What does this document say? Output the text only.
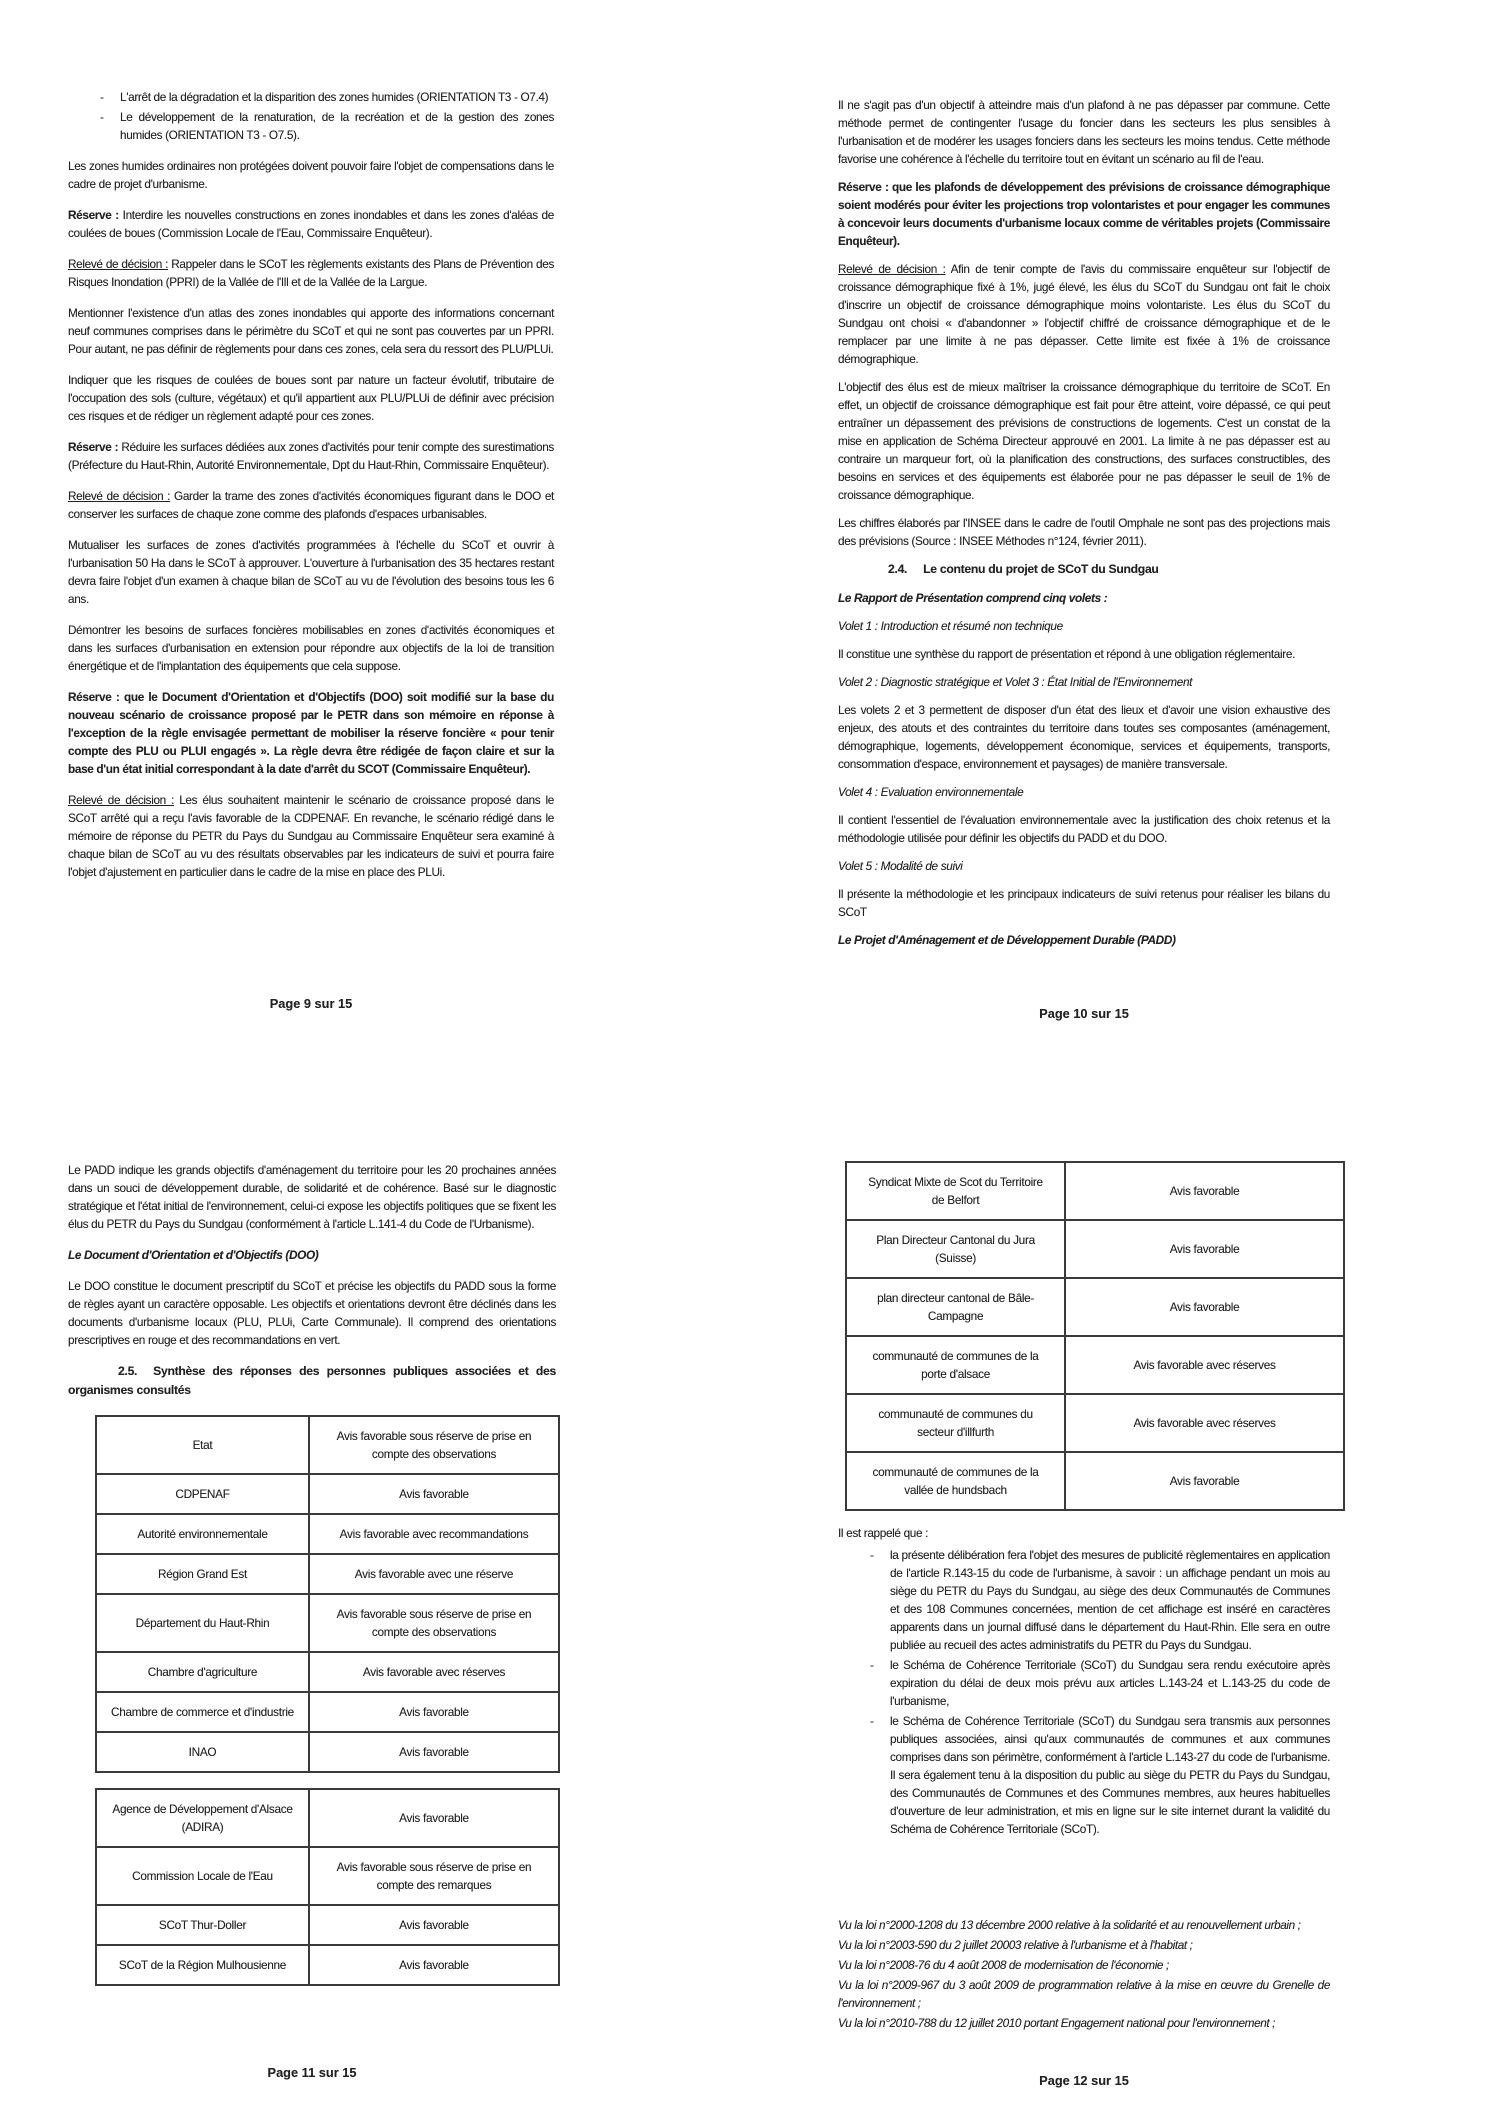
-	L'arrêt de la dégradation et la disparition des zones humides (ORIENTATION T3 - O7.4)
-	Le développement de la renaturation, de la recréation et de la gestion des zones humides (ORIENTATION T3 - O7.5).
Les zones humides ordinaires non protégées doivent pouvoir faire l'objet de compensations dans le cadre de projet d'urbanisme.
Réserve : Interdire les nouvelles constructions en zones inondables et dans les zones d'aléas de coulées de boues (Commission Locale de l'Eau, Commissaire Enquêteur).
Relevé de décision : Rappeler dans le SCoT les règlements existants des Plans de Prévention des Risques Inondation (PPRI) de la Vallée de l'Ill et de la Vallée de la Largue.
Mentionner l'existence d'un atlas des zones inondables qui apporte des informations concernant neuf communes comprises dans le périmètre du SCoT et qui ne sont pas couvertes par un PPRI. Pour autant, ne pas définir de règlements pour dans ces zones, cela sera du ressort des PLU/PLUi.
Indiquer que les risques de coulées de boues sont par nature un facteur évolutif, tributaire de l'occupation des sols (culture, végétaux) et qu'il appartient aux PLU/PLUi de définir avec précision ces risques et de rédiger un règlement adapté pour ces zones.
Réserve : Réduire les surfaces dédiées aux zones d'activités pour tenir compte des surestimations (Préfecture du Haut-Rhin, Autorité Environnementale, Dpt du Haut-Rhin, Commissaire Enquêteur).
Relevé de décision : Garder la trame des zones d'activités économiques figurant dans le DOO et conserver les surfaces de chaque zone comme des plafonds d'espaces urbanisables.
Mutualiser les surfaces de zones d'activités programmées à l'échelle du SCoT et ouvrir à l'urbanisation 50 Ha dans le SCoT à approuver. L'ouverture à l'urbanisation des 35 hectares restant devra faire l'objet d'un examen à chaque bilan de SCoT au vu de l'évolution des besoins tous les 6 ans.
Démontrer les besoins de surfaces foncières mobilisables en zones d'activités économiques et dans les surfaces d'urbanisation en extension pour répondre aux objectifs de la loi de transition énergétique et de l'implantation des équipements que cela suppose.
Réserve : que le Document d'Orientation et d'Objectifs (DOO) soit modifié sur la base du nouveau scénario de croissance proposé par le PETR dans son mémoire en réponse à l'exception de la règle envisagée permettant de mobiliser la réserve foncière « pour tenir compte des PLU ou PLUI engagés ». La règle devra être rédigée de façon claire et sur la base d'un état initial correspondant à la date d'arrêt du SCOT (Commissaire Enquêteur).
Relevé de décision : Les élus souhaitent maintenir le scénario de croissance proposé dans le SCoT arrêté qui a reçu l'avis favorable de la CDPENAF. En revanche, le scénario rédigé dans le mémoire de réponse du PETR du Pays du Sundgau au Commissaire Enquêteur sera examiné à chaque bilan de SCoT au vu des résultats observables par les indicateurs de suivi et pourra faire l'objet d'ajustement en particulier dans le cadre de la mise en place des PLUi.
Page 9 sur 15
Il ne s'agit pas d'un objectif à atteindre mais d'un plafond à ne pas dépasser par commune. Cette méthode permet de contingenter l'usage du foncier dans les secteurs les plus sensibles à l'urbanisation et de modérer les usages fonciers dans les secteurs les moins tendus. Cette méthode favorise une cohérence à l'échelle du territoire tout en évitant un scénario au fil de l'eau.
Réserve : que les plafonds de développement des prévisions de croissance démographique soient modérés pour éviter les projections trop volontaristes et pour engager les communes à concevoir leurs documents d'urbanisme locaux comme de véritables projets (Commissaire Enquêteur).
Relevé de décision : Afin de tenir compte de l'avis du commissaire enquêteur sur l'objectif de croissance démographique fixé à 1%, jugé élevé, les élus du SCoT du Sundgau ont fait le choix d'inscrire un objectif de croissance démographique moins volontariste. Les élus du SCoT du Sundgau ont choisi « d'abandonner » l'objectif chiffré de croissance démographique et de le remplacer par une limite à ne pas dépasser. Cette limite est fixée à 1% de croissance démographique.
L'objectif des élus est de mieux maîtriser la croissance démographique du territoire de SCoT. En effet, un objectif de croissance démographique est fait pour être atteint, voire dépassé, ce qui peut entraîner un dépassement des prévisions de constructions de logements. C'est un constat de la mise en application de Schéma Directeur approuvé en 2001. La limite à ne pas dépasser est au contraire un marqueur fort, où la planification des constructions, des surfaces constructibles, des besoins en services et des équipements est élaborée pour ne pas dépasser le seuil de 1% de croissance démographique.
Les chiffres élaborés par l'INSEE dans le cadre de l'outil Omphale ne sont pas des projections mais des prévisions (Source : INSEE Méthodes n°124, février 2011).
2.4. Le contenu du projet de SCoT du Sundgau
Le Rapport de Présentation comprend cinq volets :
Volet 1 : Introduction et résumé non technique
Il constitue une synthèse du rapport de présentation et répond à une obligation réglementaire.
Volet 2 : Diagnostic stratégique et Volet 3 : État Initial de l'Environnement
Les volets 2 et 3 permettent de disposer d'un état des lieux et d'avoir une vision exhaustive des enjeux, des atouts et des contraintes du territoire dans toutes ses composantes (aménagement, démographique, logements, développement économique, services et équipements, transports, consommation d'espace, environnement et paysages) de manière transversale.
Volet 4 : Evaluation environnementale
Il contient l'essentiel de l'évaluation environnementale avec la justification des choix retenus et la méthodologie utilisée pour définir les objectifs du PADD et du DOO.
Volet 5 : Modalité de suivi
Il présente la méthodologie et les principaux indicateurs de suivi retenus pour réaliser les bilans du SCoT
Le Projet d'Aménagement et de Développement Durable (PADD)
Page 10 sur 15
Le PADD indique les grands objectifs d'aménagement du territoire pour les 20 prochaines années dans un souci de développement durable, de solidarité et de cohérence. Basé sur le diagnostic stratégique et l'état initial de l'environnement, celui-ci expose les objectifs politiques que se fixent les élus du PETR du Pays du Sundgau (conformément à l'article L.141-4 du Code de l'Urbanisme).
Le Document d'Orientation et d'Objectifs (DOO)
Le DOO constitue le document prescriptif du SCoT et précise les objectifs du PADD sous la forme de règles ayant un caractère opposable. Les objectifs et orientations devront être déclinés dans les documents d'urbanisme locaux (PLU, PLUi, Carte Communale). Il comprend des orientations prescriptives en rouge et des recommandations en vert.
2.5. Synthèse des réponses des personnes publiques associées et des organismes consultés
Etat	Avis favorable sous réserve de prise en compte des observations
CDPENAF	Avis favorable
Autorité environnementale	Avis favorable avec recommandations
Région Grand Est	Avis favorable avec une réserve
Département du Haut-Rhin	Avis favorable sous réserve de prise en compte des observations
Chambre d'agriculture	Avis favorable avec réserves
Chambre de commerce et d'industrie	Avis favorable
INAO	Avis favorable
Agence de Développement d'Alsace (ADIRA)	Avis favorable
Commission Locale de l'Eau	Avis favorable sous réserve de prise en compte des remarques
SCoT Thur-Doller	Avis favorable
SCoT de la Région Mulhousienne	Avis favorable
Page 11 sur 15
Syndicat Mixte de Scot du Territoire de Belfort	Avis favorable
Plan Directeur Cantonal du Jura (Suisse)	Avis favorable
plan directeur cantonal de Bâle-Campagne	Avis favorable
communauté de communes de la porte d'alsace	Avis favorable avec réserves
communauté de communes du secteur d'illfurth	Avis favorable avec réserves
communauté de communes de la vallée de hundsbach	Avis favorable
Il est rappelé que :
-	la présente délibération fera l'objet des mesures de publicité règlementaires en application de l'article R.143-15 du code de l'urbanisme, à savoir : un affichage pendant un mois au siège du PETR du Pays du Sundgau, au siège des deux Communautés de Communes et des 108 Communes concernées, mention de cet affichage est inséré en caractères apparents dans un journal diffusé dans le département du Haut-Rhin. Elle sera en outre publiée au recueil des actes administratifs du PETR du Pays du Sundgau.
-	le Schéma de Cohérence Territoriale (SCoT) du Sundgau sera rendu exécutoire après expiration du délai de deux mois prévu aux articles L.143-24 et L.143-25 du code de l'urbanisme,
-	le Schéma de Cohérence Territoriale (SCoT) du Sundgau sera transmis aux personnes publiques associées, ainsi qu'aux communautés de communes et aux communes comprises dans son périmètre, conformément à l'article L.143-27 du code de l'urbanisme. Il sera également tenu à la disposition du public au siège du PETR du Pays du Sundgau, des Communautés de Communes et des Communes membres, aux heures habituelles d'ouverture de leur administration, et mis en ligne sur le site internet durant la validité du Schéma de Cohérence Territoriale (SCoT).
Vu la loi n°2000-1208 du 13 décembre 2000 relative à la solidarité et au renouvellement urbain ;
Vu la loi n°2003-590 du 2 juillet 20003 relative à l'urbanisme et à l'habitat ;
Vu la loi n°2008-76 du 4 août 2008 de modernisation de l'économie ;
Vu la loi n°2009-967 du 3 août 2009 de programmation relative à la mise en œuvre du Grenelle de l'environnement ;
Vu la loi n°2010-788 du 12 juillet 2010 portant Engagement national pour l'environnement ;
Page 12 sur 15
